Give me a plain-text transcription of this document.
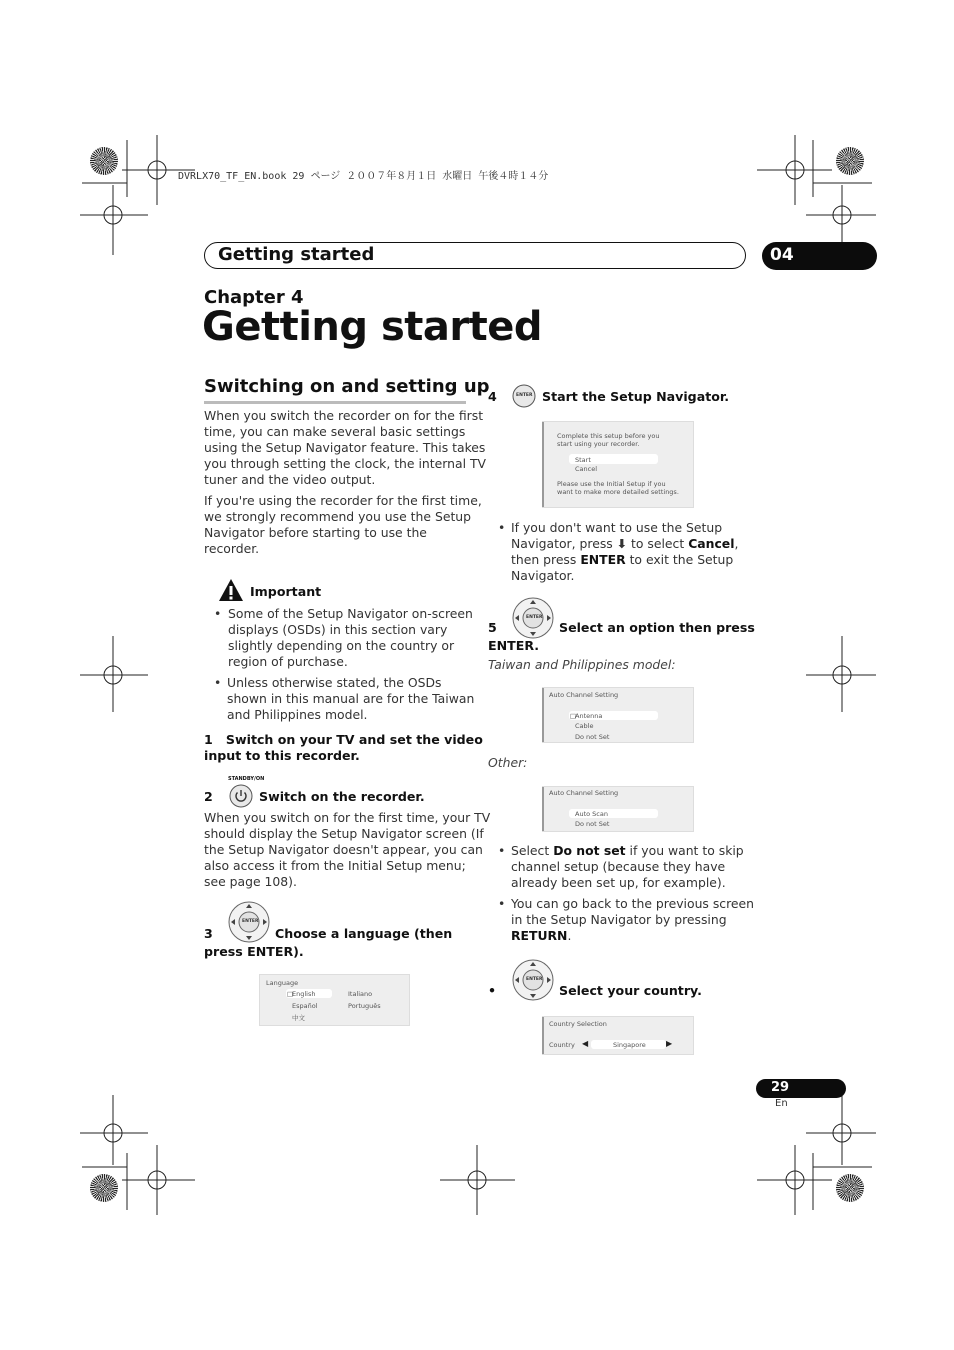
DVRLX70_TF_EN.book 29 ページ ２００７年８月１日 水曜日 午後４時１４分
Getting started	04
Chapter 4
Getting started
Switching on and setting up
When you switch the recorder on for the first
time, you can make several basic settings
using the Setup Navigator feature. This takes
you through setting the clock, the internal TV
tuner and the video output.
If you're using the recorder for the first time,
we strongly recommend you use the Setup
Navigator before starting to use the
recorder.
Important
• Some of the Setup Navigator on-screen
displays (OSDs) in this section vary
slightly depending on the country or
region of purchase.
• Unless otherwise stated, the OSDs
shown in this manual are for the Taiwan
and Philippines model.
1 Switch on your TV and set the video
input to this recorder.
STANDBY/ON
2	Switch on the recorder.
When you switch on for the first time, your TV
should display the Setup Navigator screen (If
the Setup Navigator doesn't appear, you can
also access it from the Initial Setup menu;
see page 108).
ENTER
3	Choose a language (then
press ENTER).
Language
□
English
Español
中文
Italiano
Português
4	ENTER Start the Setup Navigator.
Complete this setup before you
start using your recorder.
Start
Cancel
Please use the Initial Setup if you
want to make more detailed settings.
• If you don't want to use the Setup
Navigator, press ⬇ to select Cancel,
then press ENTER to exit the Setup
Navigator.
ENTER
5	Select an option then press
ENTER.
Taiwan and Philippines model:
Auto Channel Setting
□
Antenna
Cable
Do not Set
Other:
Auto Channel Setting
Auto Scan
Do not Set
• Select Do not set if you want to skip
channel setup (because they have
already been set up, for example).
• You can go back to the previous screen
in the Setup Navigator by pressing
RETURN.
ENTER
•	Select your country.
Country Selection
Country ◀	Singapore	▶
29
En
